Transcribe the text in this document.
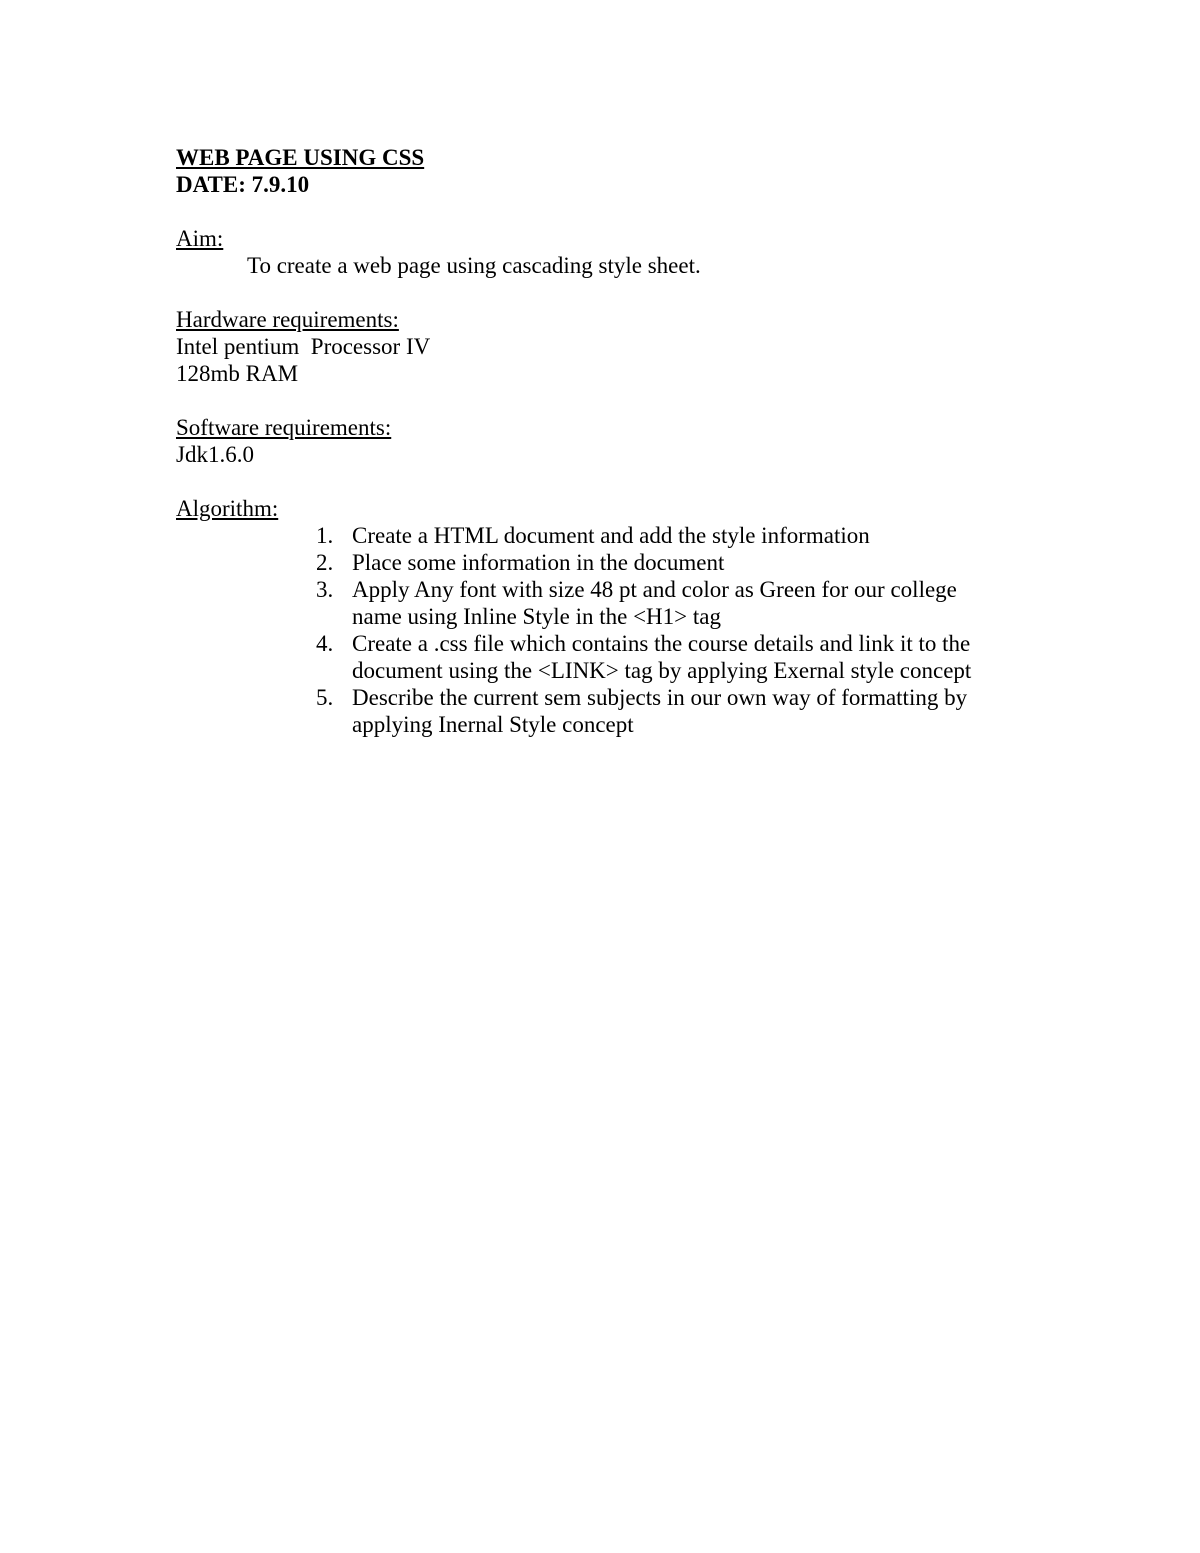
WEB PAGE USING CSS
DATE: 7.9.10
Aim:
To create a web page using cascading style sheet.
Hardware requirements:
Intel pentium  Processor IV
128mb RAM
Software requirements:
Jdk1.6.0
Algorithm:
1. Create a HTML document and add the style information
2. Place some information in the document
3. Apply Any font with size 48 pt and color as Green for our college
name using Inline Style in the <H1> tag
4. Create a .css file which contains the course details and link it to the
document using the <LINK> tag by applying Exernal style concept
5. Describe the current sem subjects in our own way of formatting by
applying Inernal Style concept
